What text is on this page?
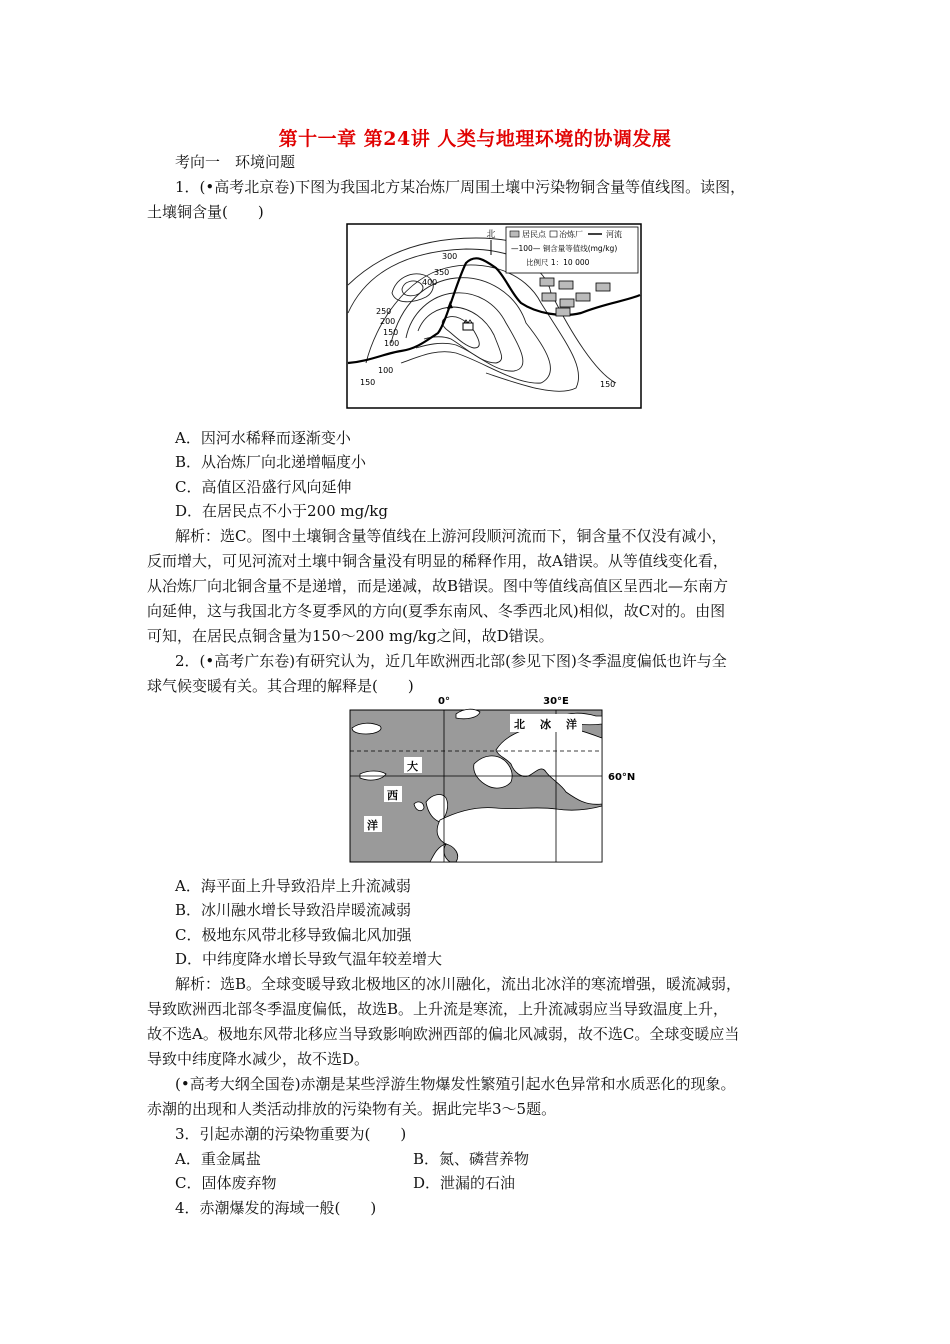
第十一章 第24讲 人类与地理环境的协调发展
考向一　环境问题
1．(•高考北京卷)下图为我国北方某冶炼厂周围土壤中污染物铜含量等值线图。读图，
土壤铜含量(　　)
北	居民点 冶炼厂	河流
—100— 铜含量等值线(mg/kg)
比例尺 1：10 000
300
350
400
250
200
150
100
100
150	150
A．因河水稀释而逐渐变小
B．从冶炼厂向北递增幅度小
C．高值区沿盛行风向延伸
D．在居民点不小于200 mg/kg
解析：选C。图中土壤铜含量等值线在上游河段顺河流而下，铜含量不仅没有减小，
反而增大，可见河流对土壤中铜含量没有明显的稀释作用，故A错误。从等值线变化看，
从冶炼厂向北铜含量不是递增，而是递减，故B错误。图中等值线高值区呈西北—东南方
向延伸，这与我国北方冬夏季风的方向(夏季东南风、冬季西北风)相似，故C对的。由图
可知，在居民点铜含量为150～200 mg/kg之间，故D错误。
2．(•高考广东卷)有研究认为，近几年欧洲西北部(参见下图)冬季温度偏低也许与全
球气候变暖有关。其合理的解释是(　　)
0°	30°E
60°N
北 冰 洋
大
西
洋
A．海平面上升导致沿岸上升流减弱
B．冰川融水增长导致沿岸暖流减弱
C．极地东风带北移导致偏北风加强
D．中纬度降水增长导致气温年较差增大
解析：选B。全球变暖导致北极地区的冰川融化，流出北冰洋的寒流增强，暖流减弱，
导致欧洲西北部冬季温度偏低，故选B。上升流是寒流，上升流减弱应当导致温度上升，
故不选A。极地东风带北移应当导致影响欧洲西部的偏北风减弱，故不选C。全球变暖应当
导致中纬度降水减少，故不选D。
(•高考大纲全国卷)赤潮是某些浮游生物爆发性繁殖引起水色异常和水质恶化的现象。
赤潮的出现和人类活动排放的污染物有关。据此完毕3～5题。
3．引起赤潮的污染物重要为(　　)
A．重金属盐	B．氮、磷营养物
C．固体废弃物	D．泄漏的石油
4．赤潮爆发的海域一般(　　)
